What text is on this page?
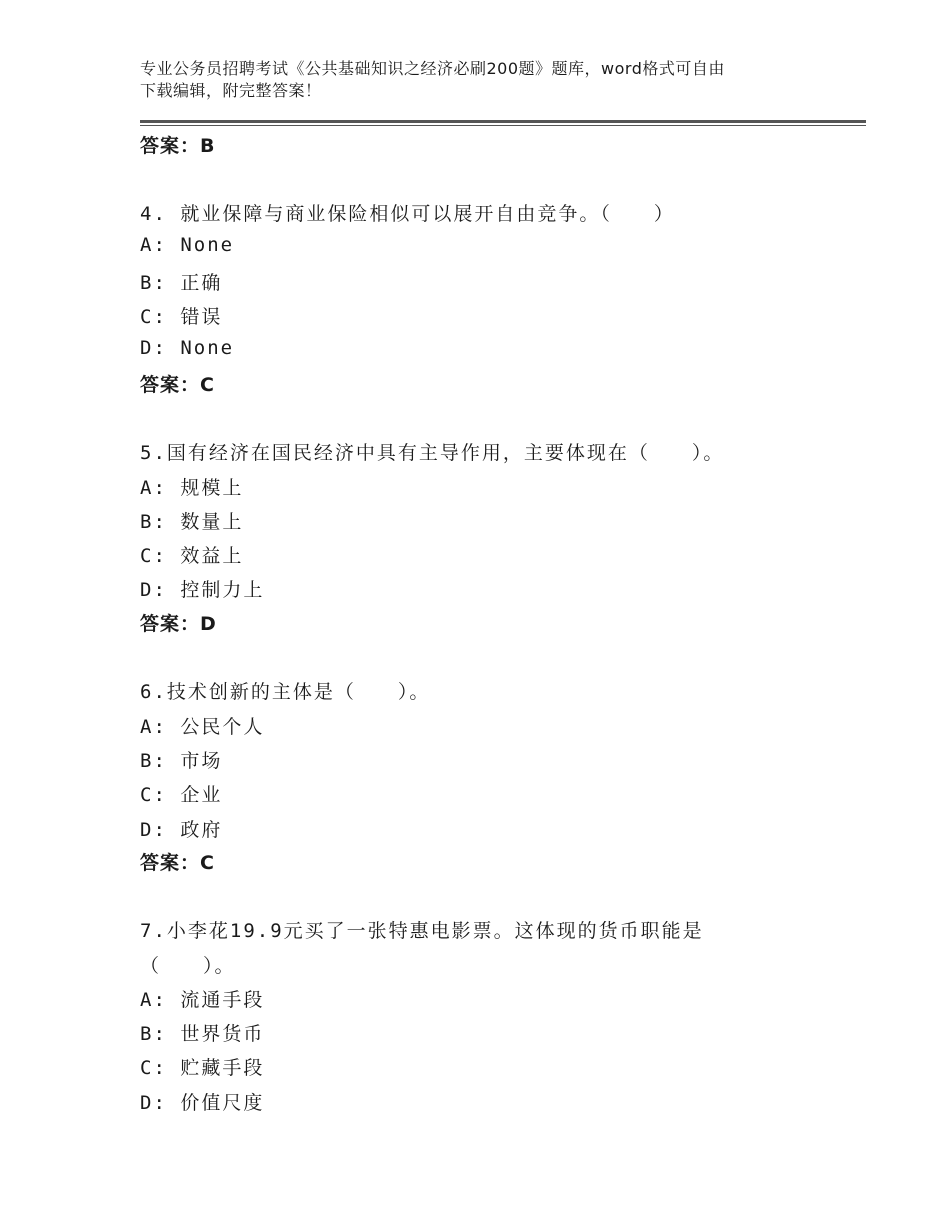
专业公务员招聘考试《公共基础知识之经济必刷200题》题库，word格式可自由
下载编辑，附完整答案！
答案：B
4. 就业保障与商业保险相似可以展开自由竞争。（　　）
A: None
B: 正确
C: 错误
D: None
答案：C
5.国有经济在国民经济中具有主导作用，主要体现在（　　）。
A: 规模上
B: 数量上
C: 效益上
D: 控制力上
答案：D
6.技术创新的主体是（　　）。
A: 公民个人
B: 市场
C: 企业
D: 政府
答案：C
7.小李花19.9元买了一张特惠电影票。这体现的货币职能是
（　　）。
A: 流通手段
B: 世界货币
C: 贮藏手段
D: 价值尺度
